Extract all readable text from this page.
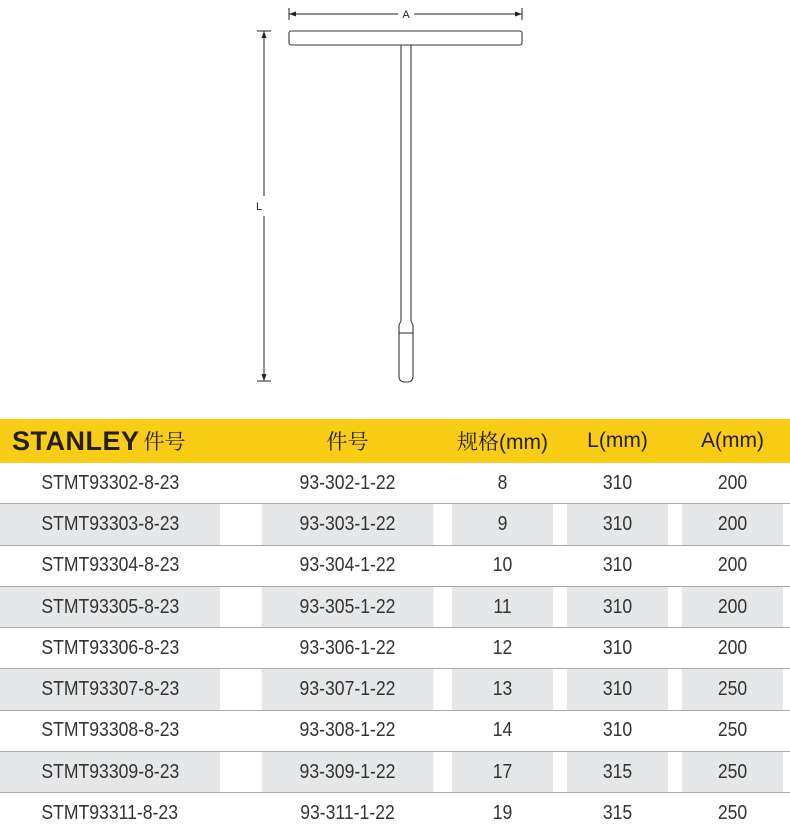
A
L
STANLEY 件号	件号	规格(mm)	L(mm)	A(mm)
STMT93302-8-23	93-302-1-22	8	310	200
STMT93303-8-23	93-303-1-22	9	310	200
STMT93304-8-23	93-304-1-22	10	310	200
STMT93305-8-23	93-305-1-22	11	310	200
STMT93306-8-23	93-306-1-22	12	310	200
STMT93307-8-23	93-307-1-22	13	310	250
STMT93308-8-23	93-308-1-22	14	310	250
STMT93309-8-23	93-309-1-22	17	315	250
STMT93311-8-23	93-311-1-22	19	315	250
